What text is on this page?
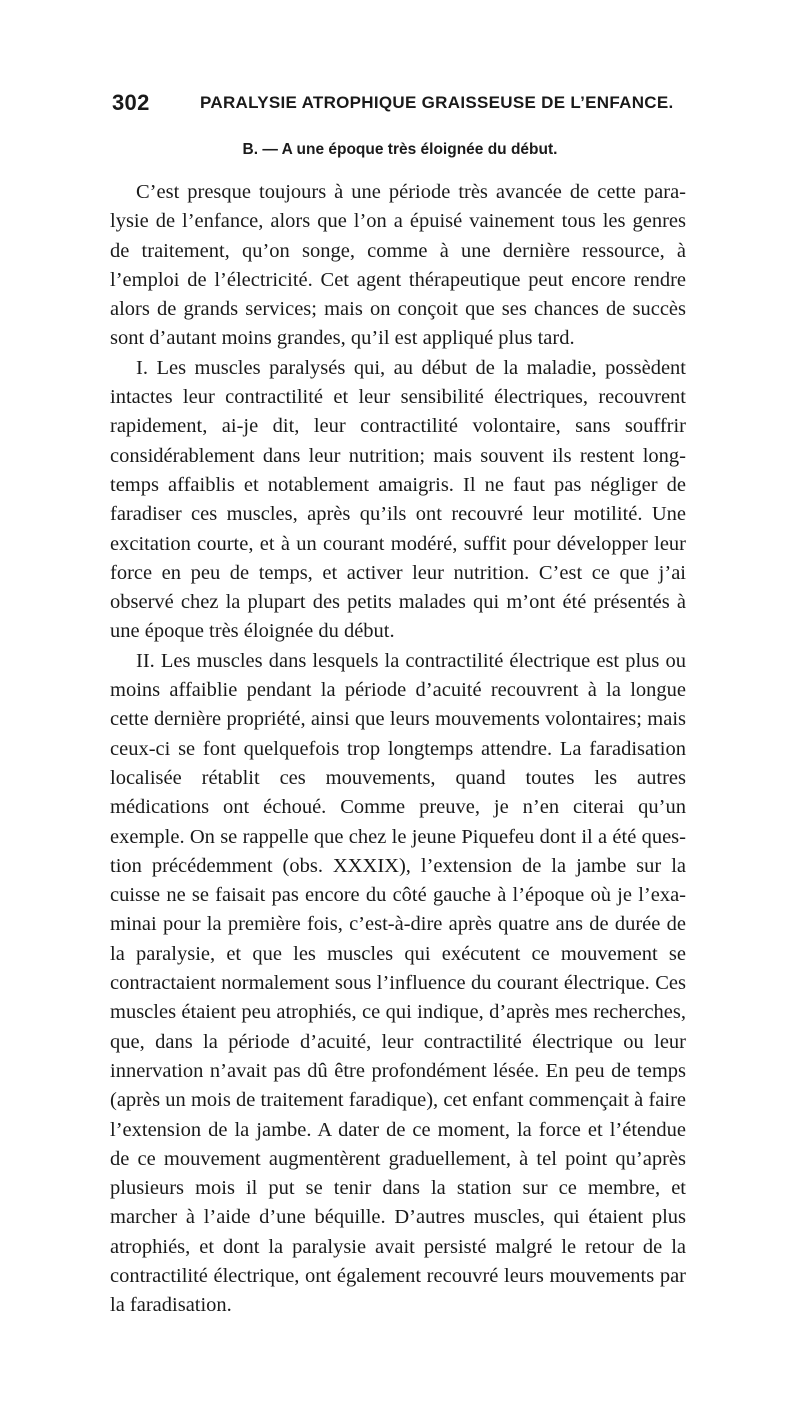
302	PARALYSIE ATROPHIQUE GRAISSEUSE DE L’ENFANCE.
B. — A une époque très éloignée du début.

C’est presque toujours à une période très avancée de cette paralysie de l’enfance, alors que l’on a épuisé vainement tous les genres de traitement, qu’on songe, comme à une dernière ressource, à l’emploi de l’électricité. Cet agent thérapeutique peut encore rendre alors de grands services; mais on conçoit que ses chances de succès sont d’autant moins grandes, qu’il est appliqué plus tard.

I. Les muscles paralysés qui, au début de la maladie, possèdent intactes leur contractilité et leur sensibilité électriques, recouvrent rapidement, ai-je dit, leur contractilité volontaire, sans souffrir considérablement dans leur nutrition; mais souvent ils restent longtemps affaiblis et notablement amaigris. Il ne faut pas négliger de faradiser ces muscles, après qu’ils ont recouvré leur motilité. Une excitation courte, et à un courant modéré, suffit pour développer leur force en peu de temps, et activer leur nutrition. C’est ce que j’ai observé chez la plupart des petits malades qui m’ont été présentés à une époque très éloignée du début.

II. Les muscles dans lesquels la contractilité électrique est plus ou moins affaiblie pendant la période d’acuité recouvrent à la longue cette dernière propriété, ainsi que leurs mouvements volontaires; mais ceux-ci se font quelquefois trop longtemps attendre. La faradisation localisée rétablit ces mouvements, quand toutes les autres médications ont échoué. Comme preuve, je n’en citerai qu’un exemple. On se rappelle que chez le jeune Piquefeu dont il a été question précédemment (obs. XXXIX), l’extension de la jambe sur la cuisse ne se faisait pas encore du côté gauche à l’époque où je l’examinai pour la première fois, c’est-à-dire après quatre ans de durée de la paralysie, et que les muscles qui exécutent ce mouvement se contractaient normalement sous l’influence du courant électrique. Ces muscles étaient peu atrophiés, ce qui indique, d’après mes recherches, que, dans la période d’acuité, leur contractilité électrique ou leur innervation n’avait pas dû être profondément lésée. En peu de temps (après un mois de traitement faradique), cet enfant commençait à faire l’extension de la jambe. A dater de ce moment, la force et l’étendue de ce mouvement augmentèrent graduellement, à tel point qu’après plusieurs mois il put se tenir dans la station sur ce membre, et marcher à l’aide d’une béquille. D’autres muscles, qui étaient plus atrophiés, et dont la paralysie avait persisté malgré le retour de la contractilité électrique, ont également recouvré leurs mouvements par la faradisation.
